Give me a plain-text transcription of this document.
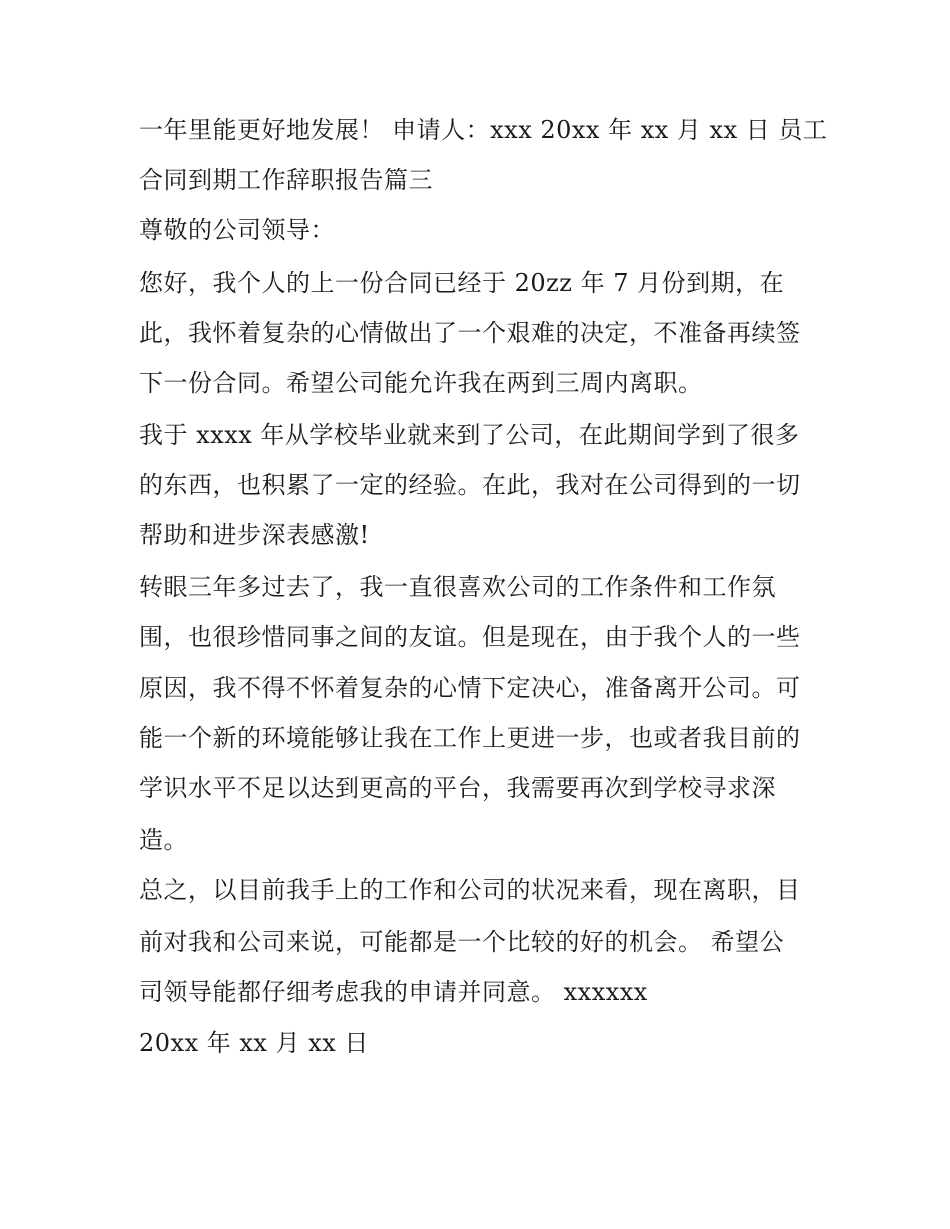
一年里能更好地发展！ 申请人：xxx 20xx 年 xx 月 xx 日 员工
合同到期工作辞职报告篇三
尊敬的公司领导：
您好，我个人的上一份合同已经于 20zz 年 7 月份到期，在
此，我怀着复杂的心情做出了一个艰难的决定，不准备再续签
下一份合同。希望公司能允许我在两到三周内离职。
我于 xxxx 年从学校毕业就来到了公司，在此期间学到了很多
的东西，也积累了一定的经验。在此，我对在公司得到的一切
帮助和进步深表感激!
转眼三年多过去了，我一直很喜欢公司的工作条件和工作氛
围，也很珍惜同事之间的友谊。但是现在，由于我个人的一些
原因，我不得不怀着复杂的心情下定决心，准备离开公司。可
能一个新的环境能够让我在工作上更进一步，也或者我目前的
学识水平不足以达到更高的平台，我需要再次到学校寻求深
造。
总之，以目前我手上的工作和公司的状况来看，现在离职，目
前对我和公司来说，可能都是一个比较的好的机会。 希望公
司领导能都仔细考虑我的申请并同意。 xxxxxx
20xx 年 xx 月 xx 日
